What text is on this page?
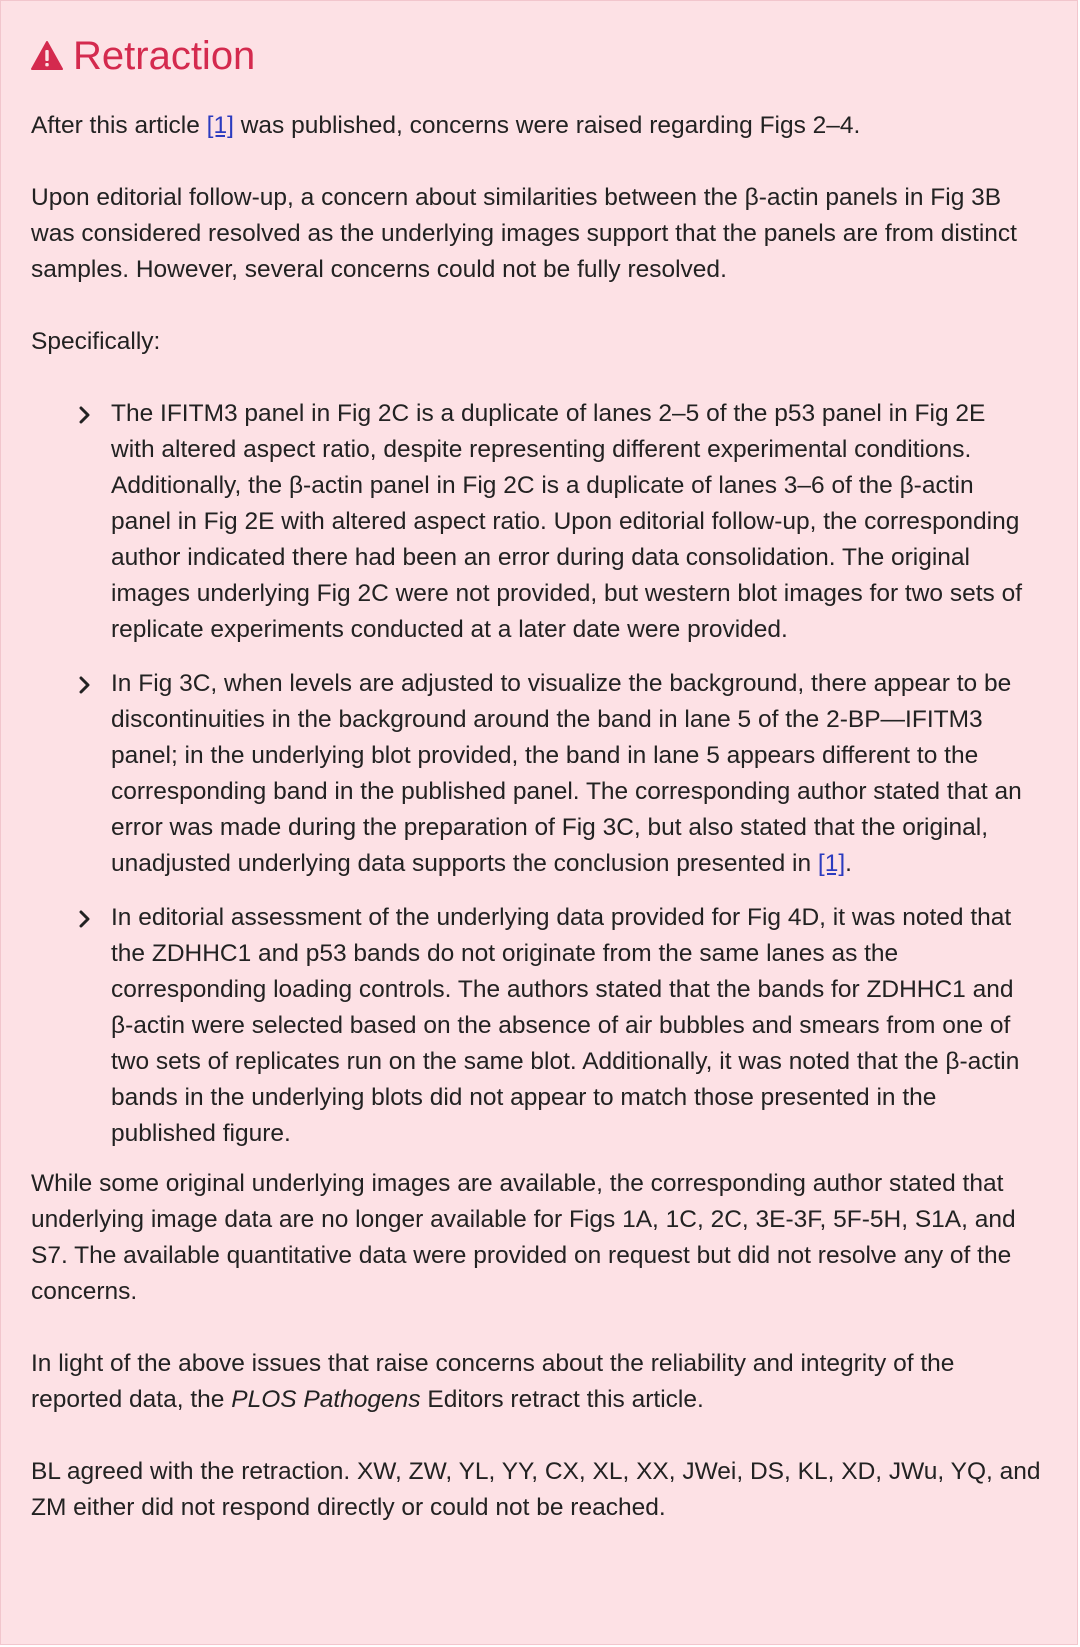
Retraction

After this article [1] was published, concerns were raised regarding Figs 2–4.

Upon editorial follow-up, a concern about similarities between the β-actin panels in Fig 3B was considered resolved as the underlying images support that the panels are from distinct samples. However, several concerns could not be fully resolved.

Specifically:

The IFITM3 panel in Fig 2C is a duplicate of lanes 2–5 of the p53 panel in Fig 2E with altered aspect ratio, despite representing different experimental conditions. Additionally, the β-actin panel in Fig 2C is a duplicate of lanes 3–6 of the β-actin panel in Fig 2E with altered aspect ratio. Upon editorial follow-up, the corresponding author indicated there had been an error during data consolidation. The original images underlying Fig 2C were not provided, but western blot images for two sets of replicate experiments conducted at a later date were provided.
In Fig 3C, when levels are adjusted to visualize the background, there appear to be discontinuities in the background around the band in lane 5 of the 2-BP—IFITM3 panel; in the underlying blot provided, the band in lane 5 appears different to the corresponding band in the published panel. The corresponding author stated that an error was made during the preparation of Fig 3C, but also stated that the original, unadjusted underlying data supports the conclusion presented in [1].
In editorial assessment of the underlying data provided for Fig 4D, it was noted that the ZDHHC1 and p53 bands do not originate from the same lanes as the corresponding loading controls. The authors stated that the bands for ZDHHC1 and β-actin were selected based on the absence of air bubbles and smears from one of two sets of replicates run on the same blot. Additionally, it was noted that the β-actin bands in the underlying blots did not appear to match those presented in the published figure.

While some original underlying images are available, the corresponding author stated that underlying image data are no longer available for Figs 1A, 1C, 2C, 3E-3F, 5F-5H, S1A, and S7. The available quantitative data were provided on request but did not resolve any of the concerns.

In light of the above issues that raise concerns about the reliability and integrity of the reported data, the PLOS Pathogens Editors retract this article.

BL agreed with the retraction. XW, ZW, YL, YY, CX, XL, XX, JWei, DS, KL, XD, JWu, YQ, and ZM either did not respond directly or could not be reached.
